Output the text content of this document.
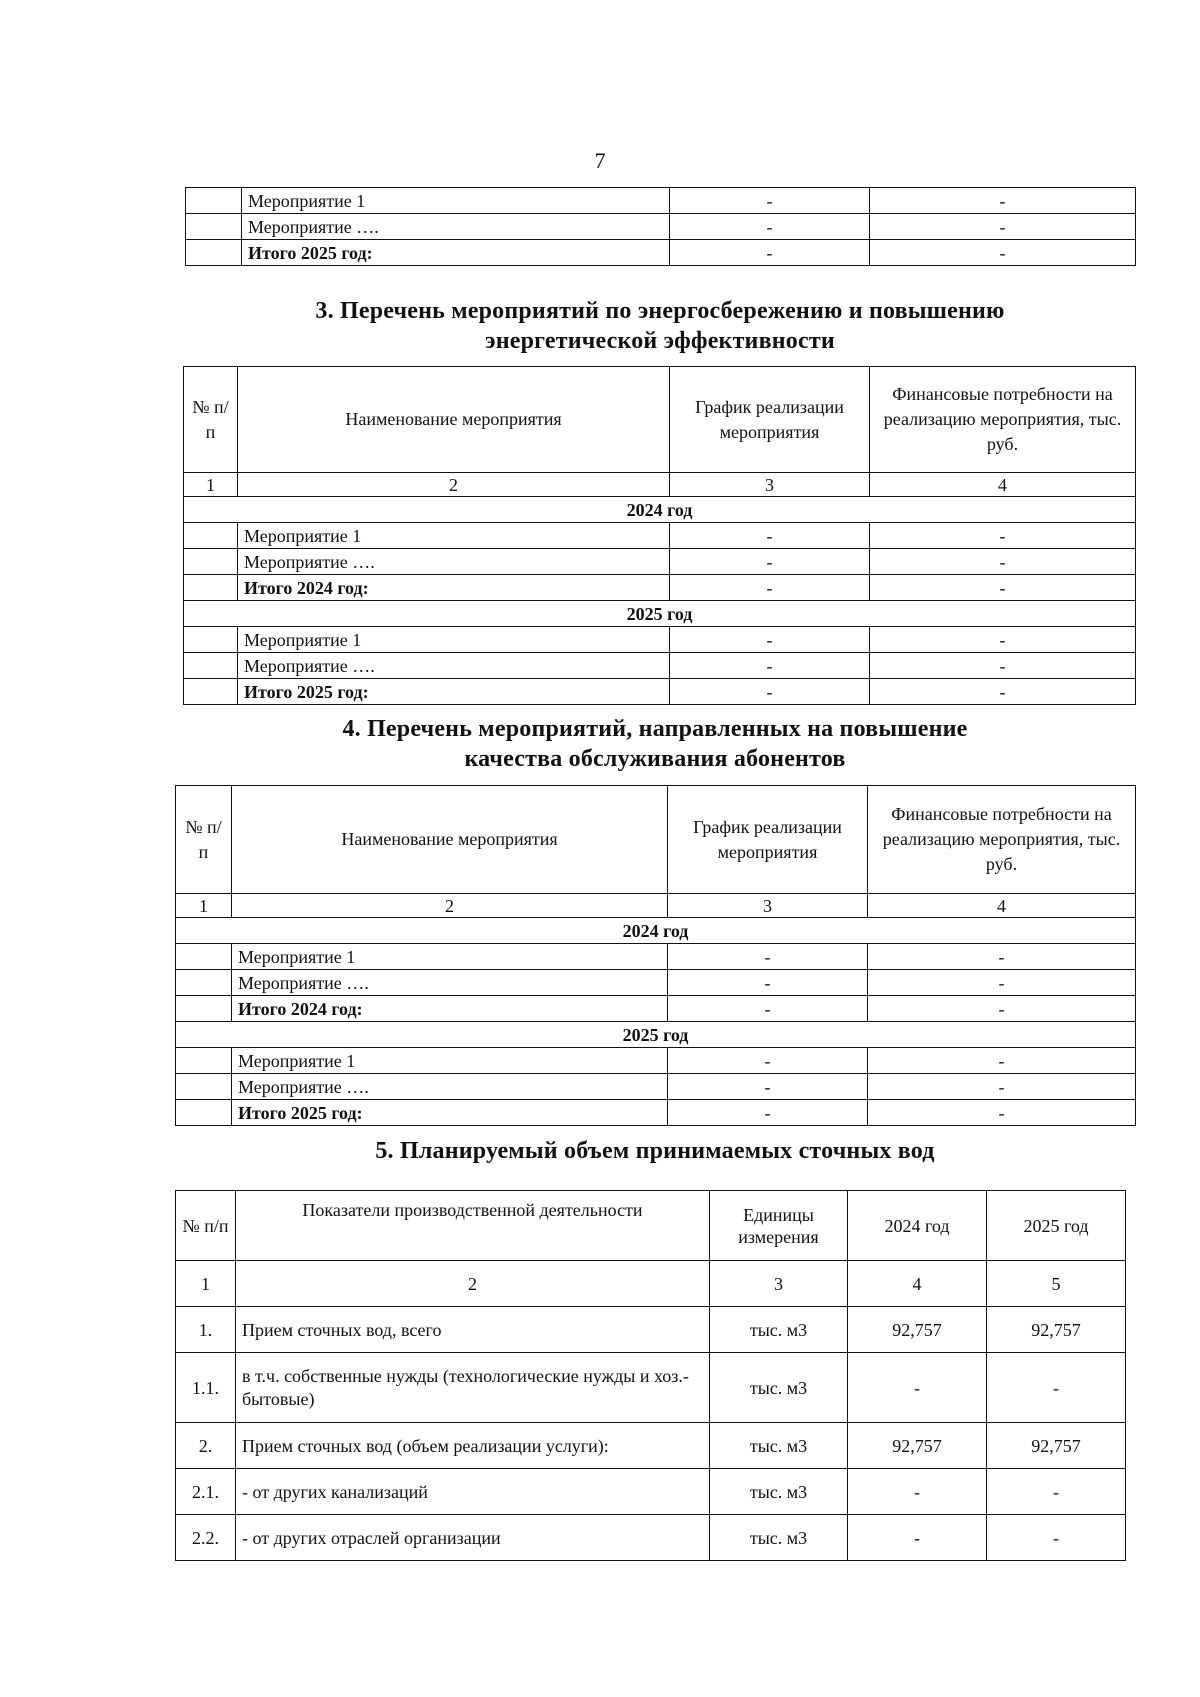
7
	Мероприятие 1	-	-
	Мероприятие ….	-	-
	Итого 2025 год:	-	-
3. Перечень мероприятий по энергосбережению и повышению
энергетической эффективности
№ п/п	Наименование мероприятия	График реализации мероприятия	Финансовые потребности на реализацию мероприятия, тыс. руб.
1	2	3	4
2024 год			
	Мероприятие 1	-	-
	Мероприятие ….	-	-
	Итого 2024 год:	-	-
2025 год			
	Мероприятие 1	-	-
	Мероприятие ….	-	-
	Итого 2025 год:	-	-
4. Перечень мероприятий, направленных на повышение
качества обслуживания абонентов
№ п/п	Наименование мероприятия	График реализации мероприятия	Финансовые потребности на реализацию мероприятия, тыс. руб.
1	2	3	4
2024 год			
	Мероприятие 1	-	-
	Мероприятие ….	-	-
	Итого 2024 год:	-	-
2025 год			
	Мероприятие 1	-	-
	Мероприятие ….	-	-
	Итого 2025 год:	-	-
5. Планируемый объем принимаемых сточных вод
№ п/п	Показатели производственной деятельности	Единицы измерения	2024 год	2025 год
1	2	3	4	5
1.	Прием сточных вод, всего	тыс. м3	92,757	92,757
1.1.	в т.ч. собственные нужды (технологические нужды и хоз.-бытовые)	тыс. м3	-	-
2.	Прием сточных вод (объем реализации услуги):	тыс. м3	92,757	92,757
2.1.	- от других канализаций	тыс. м3	-	-
2.2.	- от других отраслей организации	тыс. м3	-	-
